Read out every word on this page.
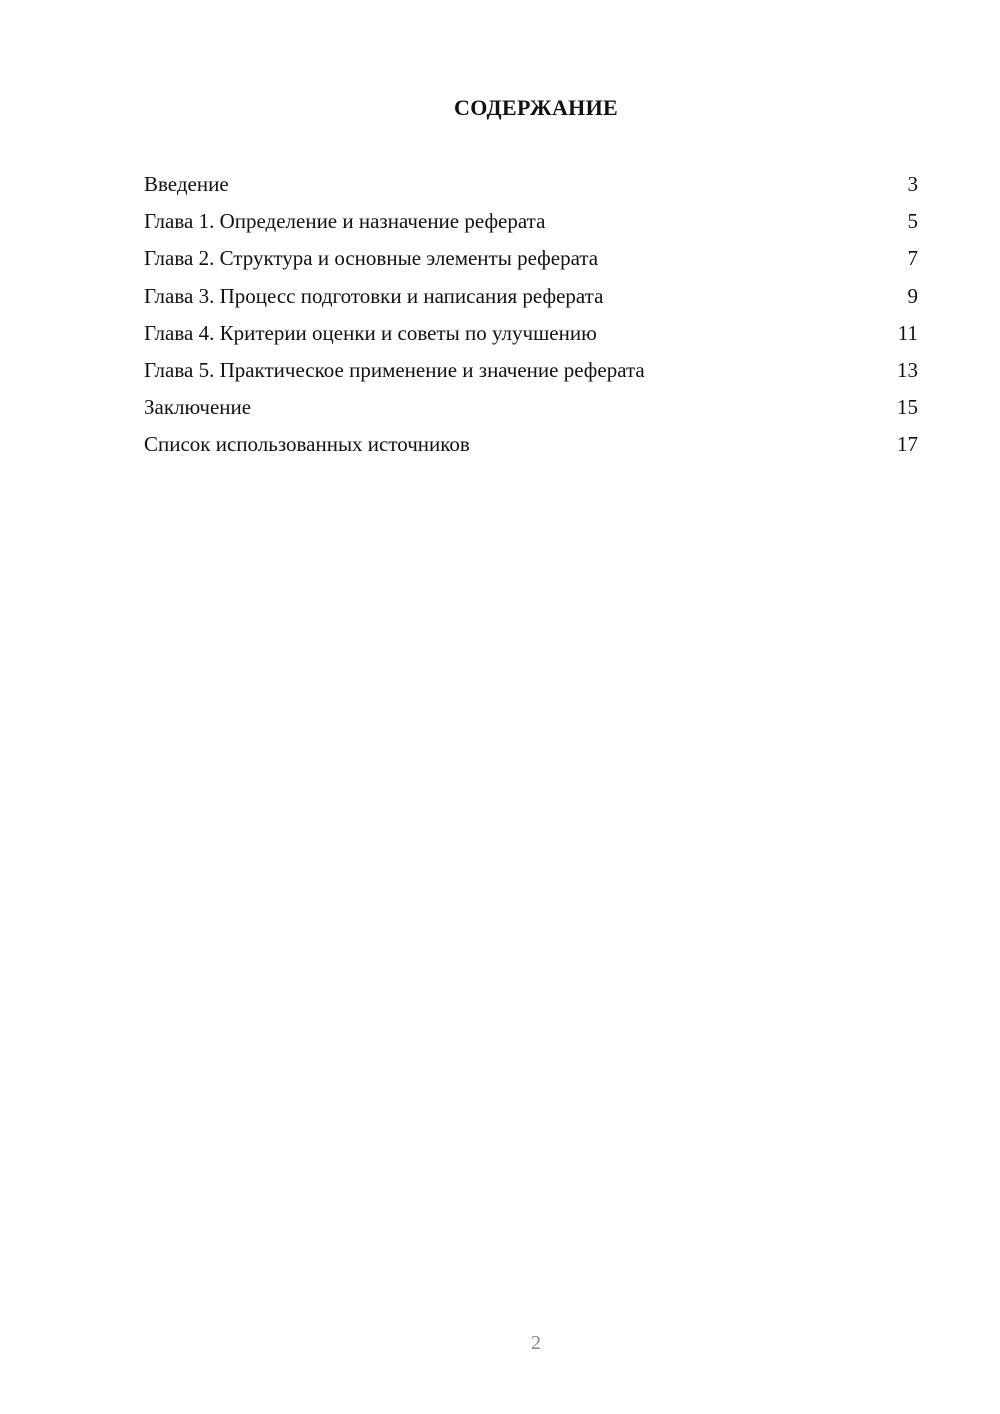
СОДЕРЖАНИЕ
Введение	3
Глава 1. Определение и назначение реферата	5
Глава 2. Структура и основные элементы реферата	7
Глава 3. Процесс подготовки и написания реферата	9
Глава 4. Критерии оценки и советы по улучшению	11
Глава 5. Практическое применение и значение реферата	13
Заключение	15
Список использованных источников	17
2
